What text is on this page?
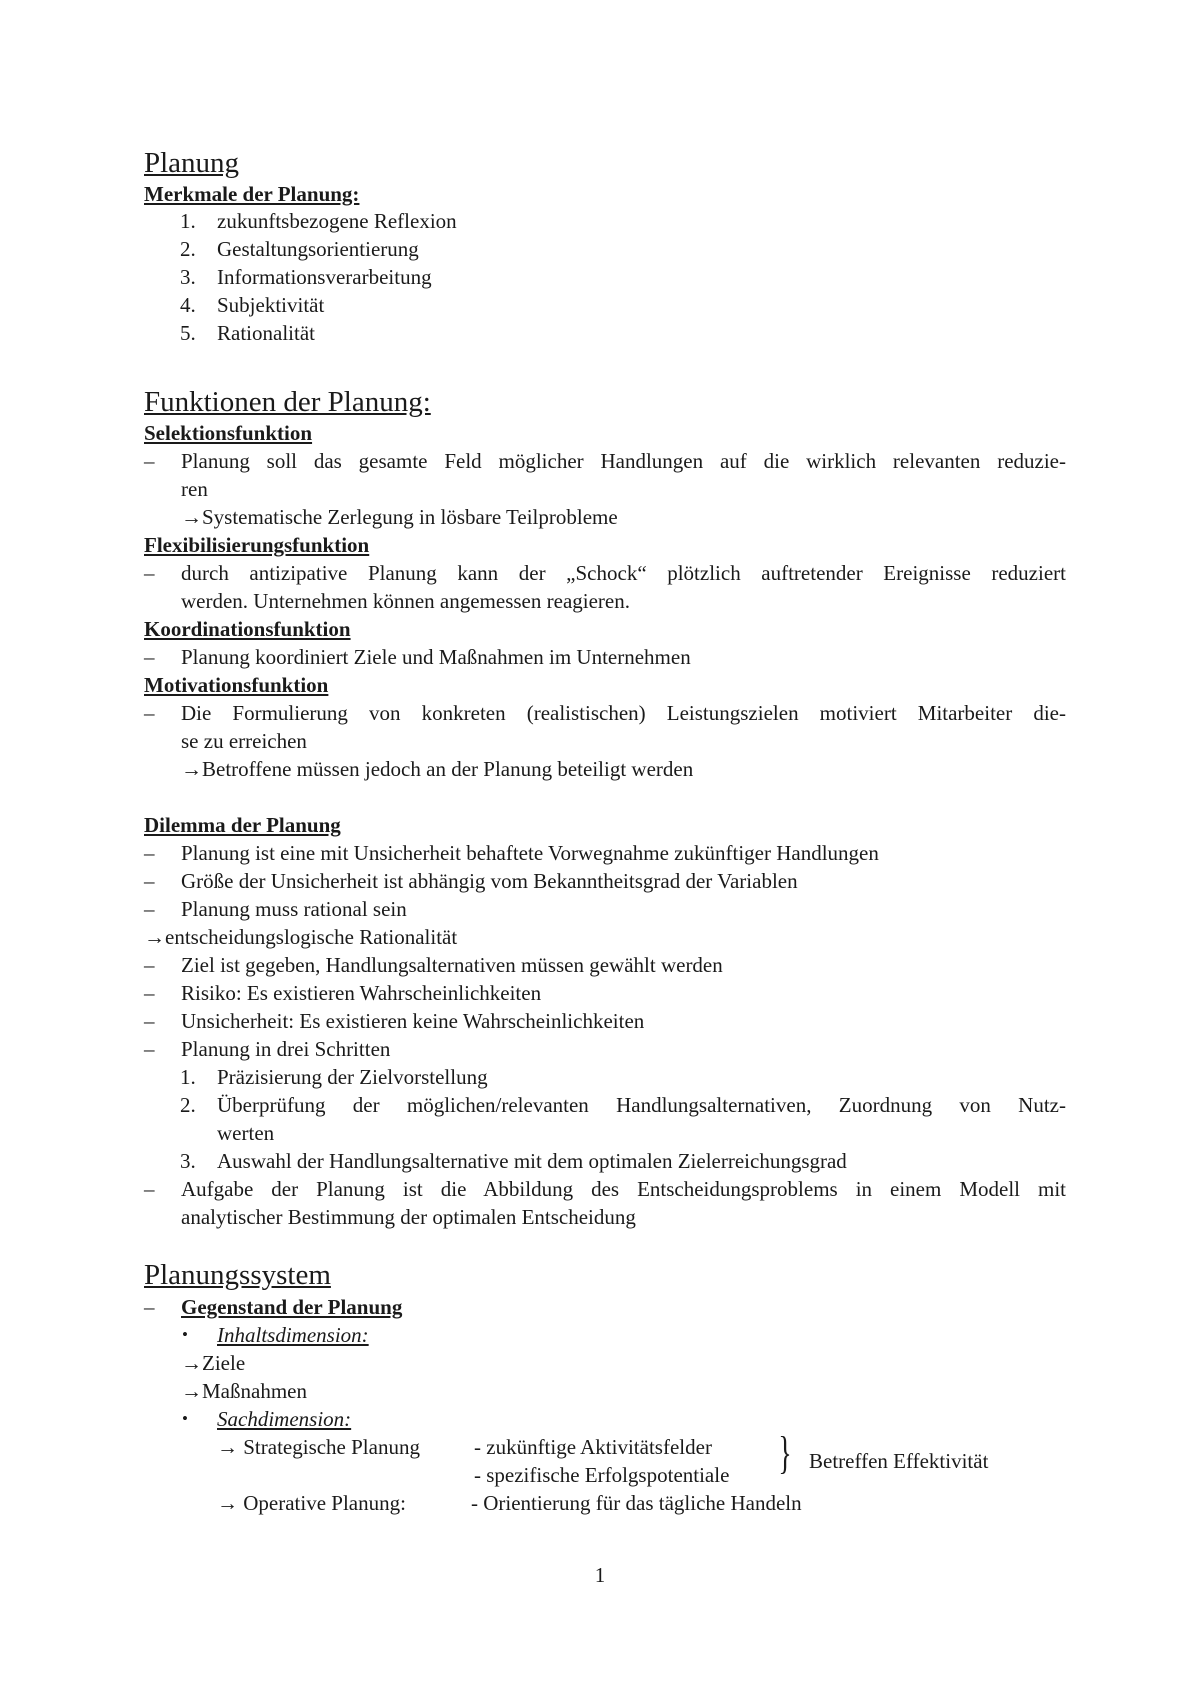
Planung
Merkmale der Planung:
1. zukunftsbezogene Reflexion
2. Gestaltungsorientierung
3. Informationsverarbeitung
4. Subjektivität
5. Rationalität
Funktionen der Planung:
Selektionsfunktion
– Planung soll das gesamte Feld möglicher Handlungen auf die wirklich relevanten reduzie-
ren
→Systematische Zerlegung in lösbare Teilprobleme
Flexibilisierungsfunktion
– durch antizipative Planung kann der „Schock“ plötzlich auftretender Ereignisse reduziert
werden. Unternehmen können angemessen reagieren.
Koordinationsfunktion
– Planung koordiniert Ziele und Maßnahmen im Unternehmen
Motivationsfunktion
– Die Formulierung von konkreten (realistischen) Leistungszielen motiviert Mitarbeiter die-
se zu erreichen
→Betroffene müssen jedoch an der Planung beteiligt werden
Dilemma der Planung
– Planung ist eine mit Unsicherheit behaftete Vorwegnahme zukünftiger Handlungen
– Größe der Unsicherheit ist abhängig vom Bekanntheitsgrad der Variablen
– Planung muss rational sein
→entscheidungslogische Rationalität
– Ziel ist gegeben, Handlungsalternativen müssen gewählt werden
– Risiko: Es existieren Wahrscheinlichkeiten
– Unsicherheit: Es existieren keine Wahrscheinlichkeiten
– Planung in drei Schritten
1. Präzisierung der Zielvorstellung
2. Überprüfung der möglichen/relevanten Handlungsalternativen, Zuordnung von Nutz-
werten
3. Auswahl der Handlungsalternative mit dem optimalen Zielerreichungsgrad
– Aufgabe der Planung ist die Abbildung des Entscheidungsproblems in einem Modell mit
analytischer Bestimmung der optimalen Entscheidung
Planungssystem
– Gegenstand der Planung
• Inhaltsdimension:
→Ziele
→Maßnahmen
• Sachdimension:
→ Strategische Planung	- zukünftige Aktivitätsfelder
- spezifische Erfolgspotentiale } Betreffen Effektivität
→ Operative Planung:	- Orientierung für das tägliche Handeln
1
